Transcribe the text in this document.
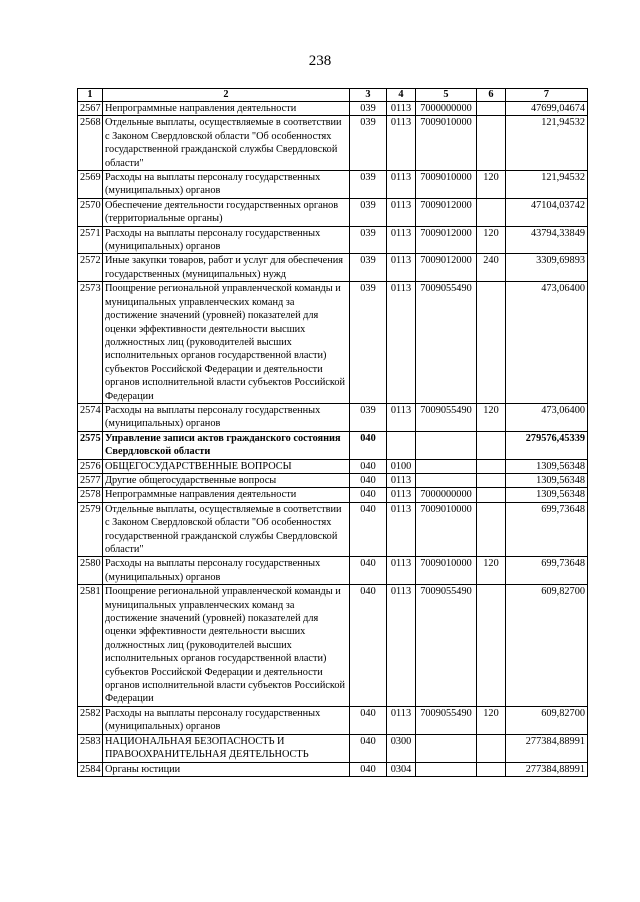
238
1	2	3	4	5	6	7
2567	Непрограммные направления деятельности	039	0113	7000000000		47699,04674
2568	Отдельные выплаты, осуществляемые в соответствии с Законом Свердловской области "Об особенностях государственной гражданской службы Свердловской области"	039	0113	7009010000		121,94532
2569	Расходы на выплаты персоналу государственных (муниципальных) органов	039	0113	7009010000	120	121,94532
2570	Обеспечение деятельности государственных органов (территориальные органы)	039	0113	7009012000		47104,03742
2571	Расходы на выплаты персоналу государственных (муниципальных) органов	039	0113	7009012000	120	43794,33849
2572	Иные закупки товаров, работ и услуг для обеспечения государственных (муниципальных) нужд	039	0113	7009012000	240	3309,69893
2573	Поощрение региональной управленческой команды и муниципальных управленческих команд за достижение значений (уровней) показателей для оценки эффективности деятельности высших должностных лиц (руководителей высших исполнительных органов государственной власти) субъектов Российской Федерации и деятельности органов исполнительной власти субъектов Российской Федерации	039	0113	7009055490		473,06400
2574	Расходы на выплаты персоналу государственных (муниципальных) органов	039	0113	7009055490	120	473,06400
2575	Управление записи актов гражданского состояния Свердловской области	040				279576,45339
2576	ОБЩЕГОСУДАРСТВЕННЫЕ ВОПРОСЫ	040	0100			1309,56348
2577	Другие общегосударственные вопросы	040	0113			1309,56348
2578	Непрограммные направления деятельности	040	0113	7000000000		1309,56348
2579	Отдельные выплаты, осуществляемые в соответствии с Законом Свердловской области "Об особенностях государственной гражданской службы Свердловской области"	040	0113	7009010000		699,73648
2580	Расходы на выплаты персоналу государственных (муниципальных) органов	040	0113	7009010000	120	699,73648
2581	Поощрение региональной управленческой команды и муниципальных управленческих команд за достижение значений (уровней) показателей для оценки эффективности деятельности высших должностных лиц (руководителей высших исполнительных органов государственной власти) субъектов Российской Федерации и деятельности органов исполнительной власти субъектов Российской Федерации	040	0113	7009055490		609,82700
2582	Расходы на выплаты персоналу государственных (муниципальных) органов	040	0113	7009055490	120	609,82700
2583	НАЦИОНАЛЬНАЯ БЕЗОПАСНОСТЬ И ПРАВООХРАНИТЕЛЬНАЯ ДЕЯТЕЛЬНОСТЬ	040	0300			277384,88991
2584	Органы юстиции	040	0304			277384,88991
